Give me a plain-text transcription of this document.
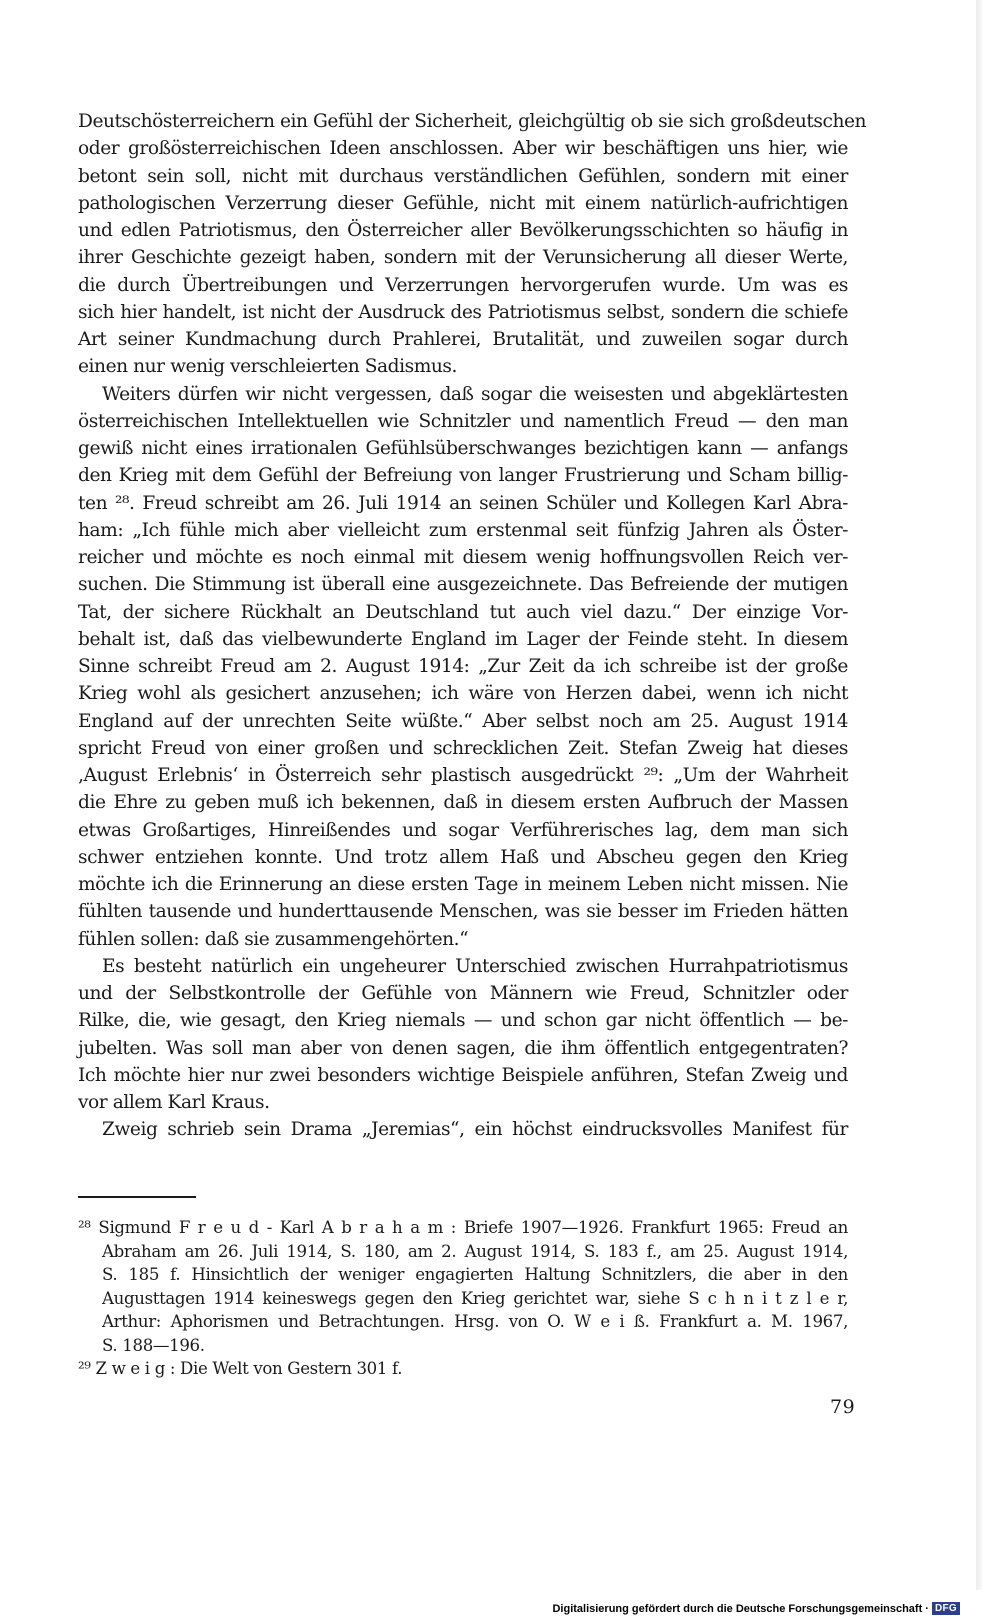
Deutschösterreichern ein Gefühl der Sicherheit, gleichgültig ob sie sich großdeutschen
oder großösterreichischen Ideen anschlossen. Aber wir beschäftigen uns hier, wie
betont sein soll, nicht mit durchaus verständlichen Gefühlen, sondern mit einer
pathologischen Verzerrung dieser Gefühle, nicht mit einem natürlich-aufrichtigen
und edlen Patriotismus, den Österreicher aller Bevölkerungsschichten so häufig in
ihrer Geschichte gezeigt haben, sondern mit der Verunsicherung all dieser Werte,
die durch Übertreibungen und Verzerrungen hervorgerufen wurde. Um was es
sich hier handelt, ist nicht der Ausdruck des Patriotismus selbst, sondern die schiefe
Art seiner Kundmachung durch Prahlerei, Brutalität, und zuweilen sogar durch
einen nur wenig verschleierten Sadismus.
Weiters dürfen wir nicht vergessen, daß sogar die weisesten und abgeklärtesten
österreichischen Intellektuellen wie Schnitzler und namentlich Freud — den man
gewiß nicht eines irrationalen Gefühlsüberschwanges bezichtigen kann — anfangs
den Krieg mit dem Gefühl der Befreiung von langer Frustrierung und Scham billig-
ten ²⁸. Freud schreibt am 26. Juli 1914 an seinen Schüler und Kollegen Karl Abra-
ham: „Ich fühle mich aber vielleicht zum erstenmal seit fünfzig Jahren als Öster-
reicher und möchte es noch einmal mit diesem wenig hoffnungsvollen Reich ver-
suchen. Die Stimmung ist überall eine ausgezeichnete. Das Befreiende der mutigen
Tat, der sichere Rückhalt an Deutschland tut auch viel dazu.“ Der einzige Vor-
behalt ist, daß das vielbewunderte England im Lager der Feinde steht. In diesem
Sinne schreibt Freud am 2. August 1914: „Zur Zeit da ich schreibe ist der große
Krieg wohl als gesichert anzusehen; ich wäre von Herzen dabei, wenn ich nicht
England auf der unrechten Seite wüßte.“ Aber selbst noch am 25. August 1914
spricht Freud von einer großen und schrecklichen Zeit. Stefan Zweig hat dieses
‚August Erlebnis‘ in Österreich sehr plastisch ausgedrückt ²⁹: „Um der Wahrheit
die Ehre zu geben muß ich bekennen, daß in diesem ersten Aufbruch der Massen
etwas Großartiges, Hinreißendes und sogar Verführerisches lag, dem man sich
schwer entziehen konnte. Und trotz allem Haß und Abscheu gegen den Krieg
möchte ich die Erinnerung an diese ersten Tage in meinem Leben nicht missen. Nie
fühlten tausende und hunderttausende Menschen, was sie besser im Frieden hätten
fühlen sollen: daß sie zusammengehörten.“
Es besteht natürlich ein ungeheurer Unterschied zwischen Hurrahpatriotismus
und der Selbstkontrolle der Gefühle von Männern wie Freud, Schnitzler oder
Rilke, die, wie gesagt, den Krieg niemals — und schon gar nicht öffentlich — be-
jubelten. Was soll man aber von denen sagen, die ihm öffentlich entgegentraten?
Ich möchte hier nur zwei besonders wichtige Beispiele anführen, Stefan Zweig und
vor allem Karl Kraus.
Zweig schrieb sein Drama „Jeremias“, ein höchst eindrucksvolles Manifest für
²⁸ Sigmund F r e u d - Karl A b r a h a m : Briefe 1907—1926. Frankfurt 1965: Freud an
Abraham am 26. Juli 1914, S. 180, am 2. August 1914, S. 183 f., am 25. August 1914,
S. 185 f. Hinsichtlich der weniger engagierten Haltung Schnitzlers, die aber in den
Augusttagen 1914 keineswegs gegen den Krieg gerichtet war, siehe S c h n i t z l e r,
Arthur: Aphorismen und Betrachtungen. Hrsg. von O. W e i ß. Frankfurt a. M. 1967,
S. 188—196.
²⁹ Z w e i g : Die Welt von Gestern 301 f.
79
Digitalisierung gefördert durch die Deutsche Forschungsgemeinschaft · DFG
